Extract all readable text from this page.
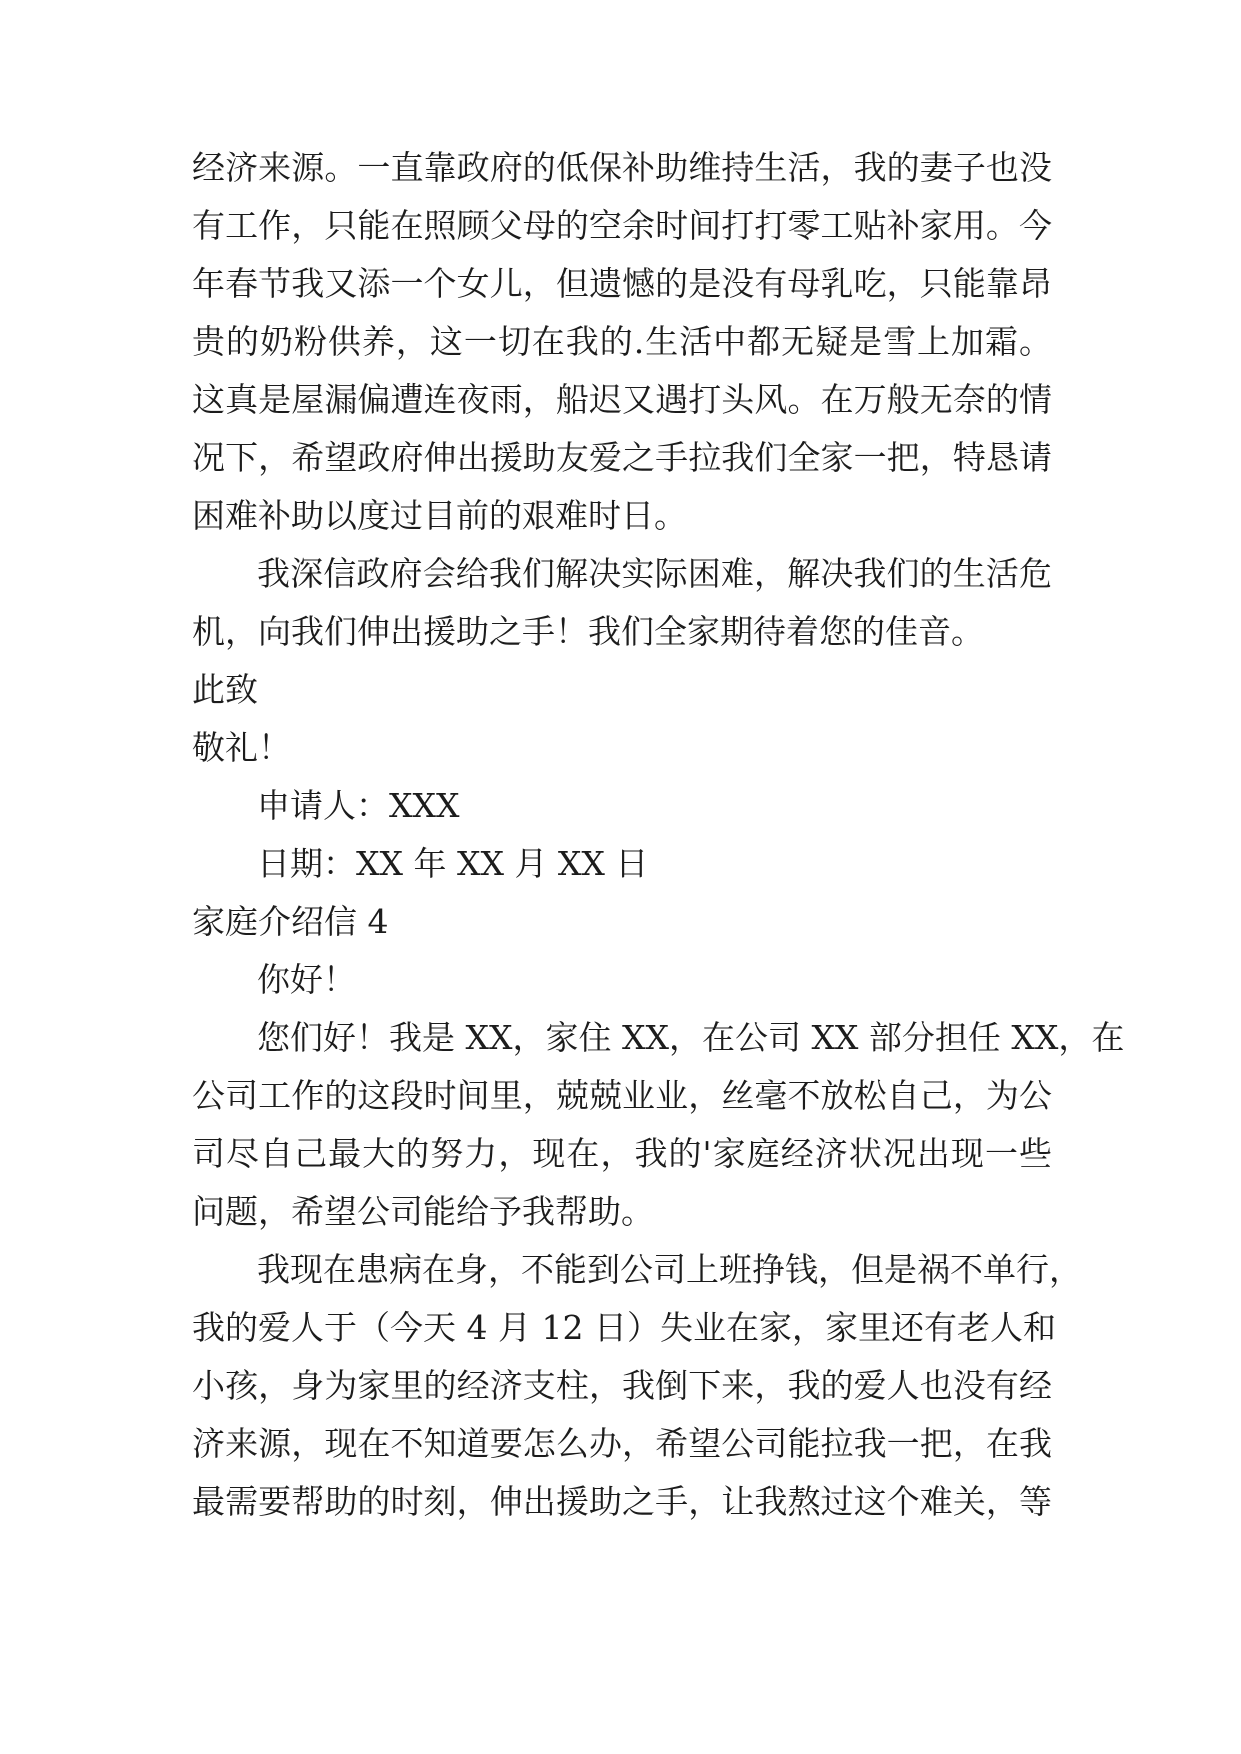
经济来源。一直靠政府的低保补助维持生活，我的妻子也没
有工作，只能在照顾父母的空余时间打打零工贴补家用。今
年春节我又添一个女儿，但遗憾的是没有母乳吃，只能靠昂
贵的奶粉供养，这一切在我的.生活中都无疑是雪上加霜。
这真是屋漏偏遭连夜雨，船迟又遇打头风。在万般无奈的情
况下，希望政府伸出援助友爱之手拉我们全家一把，特恳请
困难补助以度过目前的艰难时日。
我深信政府会给我们解决实际困难，解决我们的生活危
机，向我们伸出援助之手！我们全家期待着您的佳音。
此致
敬礼！
申请人：XXX
日期：XX 年 XX 月 XX 日
家庭介绍信 4
你好！
您们好！我是 XX，家住 XX，在公司 XX 部分担任 XX，在
公司工作的这段时间里，兢兢业业，丝毫不放松自己，为公
司尽自己最大的努力，现在，我的'家庭经济状况出现一些
问题，希望公司能给予我帮助。
我现在患病在身，不能到公司上班挣钱，但是祸不单行，
我的爱人于（今天 4 月 12 日）失业在家，家里还有老人和
小孩，身为家里的经济支柱，我倒下来，我的爱人也没有经
济来源，现在不知道要怎么办，希望公司能拉我一把，在我
最需要帮助的时刻，伸出援助之手，让我熬过这个难关，等
